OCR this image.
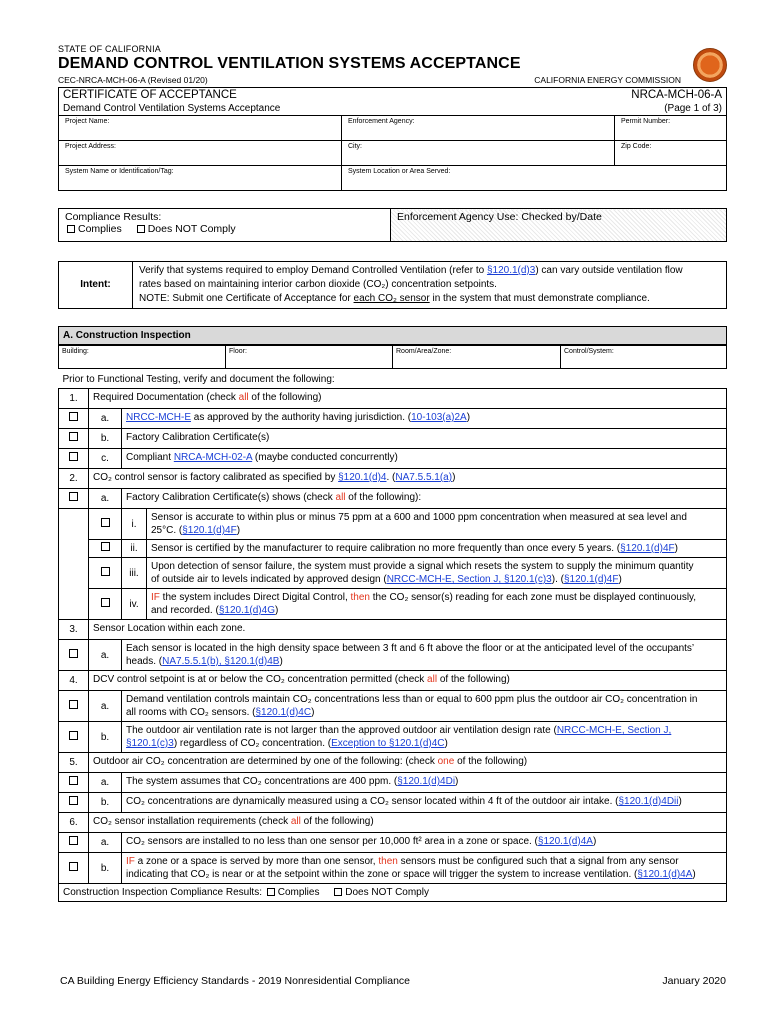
STATE OF CALIFORNIA
DEMAND CONTROL VENTILATION SYSTEMS ACCEPTANCE
CEC-NRCA-MCH-06-A (Revised 01/20)	CALIFORNIA ENERGY COMMISSION
CERTIFICATE OF ACCEPTANCE		NRCA-MCH-06-A
Demand Control Ventilation Systems Acceptance		(Page 1 of 3)
Project Name:	Enforcement Agency:	Permit Number:
Project Address:	City:	Zip Code:
System Name or Identification/Tag:	System Location or Area Served:	
Compliance Results:
Complies Does NOT Comply
	Enforcement Agency Use: Checked by/Date
Intent:	
Verify that systems required to employ Demand Controlled Ventilation (refer to §120.1(d)3) can vary outside ventilation flow
rates based on maintaining interior carbon dioxide (CO₂) concentration setpoints.
NOTE: Submit one Certificate of Acceptance for each CO₂ sensor in the system that must demonstrate compliance.
A. Construction Inspection
Building:	Floor:	Room/Area/Zone:	Control/System:
Prior to Functional Testing, verify and document the following:			
1.	Required Documentation (check all of the following)		
	a.	NRCC-MCH-E as approved by the authority having jurisdiction. (10-103(a)2A)	
	b.	Factory Calibration Certificate(s)	
	c.	Compliant NRCA-MCH-02-A (maybe conducted concurrently)	
2.	CO₂ control sensor is factory calibrated as specified by §120.1(d)4. (NA7.5.5.1(a))		
	a.	Factory Calibration Certificate(s) shows (check all of the following):	
		i.	Sensor is accurate to within plus or minus 75 ppm at a 600 and 1000 ppm concentration when measured at sea level and
25°C. (§120.1(d)4F)

		ii.	Sensor is certified by the manufacturer to require calibration no more frequently than once every 5 years. (§120.1(d)4F)
		iii.	Upon detection of sensor failure, the system must provide a signal which resets the system to supply the minimum quantity
of outside air to levels indicated by approved design (NRCC-MCH-E, Section J, §120.1(c)3). (§120.1(d)4F)

		iv.	IF the system includes Direct Digital Control, then the CO₂ sensor(s) reading for each zone must be displayed continuously,
and recorded. (§120.1(d)4G)

3.	Sensor Location within each zone.		
	a.	Each sensor is located in the high density space between 3 ft and 6 ft above the floor or at the anticipated level of the occupants’
heads. (NA7.5.5.1(b), §120.1(d)4B)	

4.	DCV control setpoint is at or below the CO₂ concentration permitted (check all of the following)		
	a.	Demand ventilation controls maintain CO₂ concentrations less than or equal to 600 ppm plus the outdoor air CO₂ concentration in
all rooms with CO₂ sensors. (§120.1(d)4C)	

	b.	The outdoor air ventilation rate is not larger than the approved outdoor air ventilation design rate (NRCC-MCH-E, Section J,
§120.1(c)3) regardless of CO₂ concentration. (Exception to §120.1(d)4C)	

5.	Outdoor air CO₂ concentration are determined by one of the following: (check one of the following)		
	a.	The system assumes that CO₂ concentrations are 400 ppm. (§120.1(d)4Di)	
	b.	CO₂ concentrations are dynamically measured using a CO₂ sensor located within 4 ft of the outdoor air intake. (§120.1(d)4Dii)	
6.	CO₂ sensor installation requirements (check all of the following)		
	a.	CO₂ sensors are installed to no less than one sensor per 10,000 ft² area in a zone or space. (§120.1(d)4A)	
	b.	IF a zone or a space is served by more than one sensor, then sensors must be configured such that a signal from any sensor
indicating that CO₂ is near or at the setpoint within the zone or space will trigger the system to increase ventilation. (§120.1(d)4A)	

Construction Inspection Compliance Results: Complies Does NOT Comply			
CA Building Energy Efficiency Standards - 2019 Nonresidential Compliance	January 2020
